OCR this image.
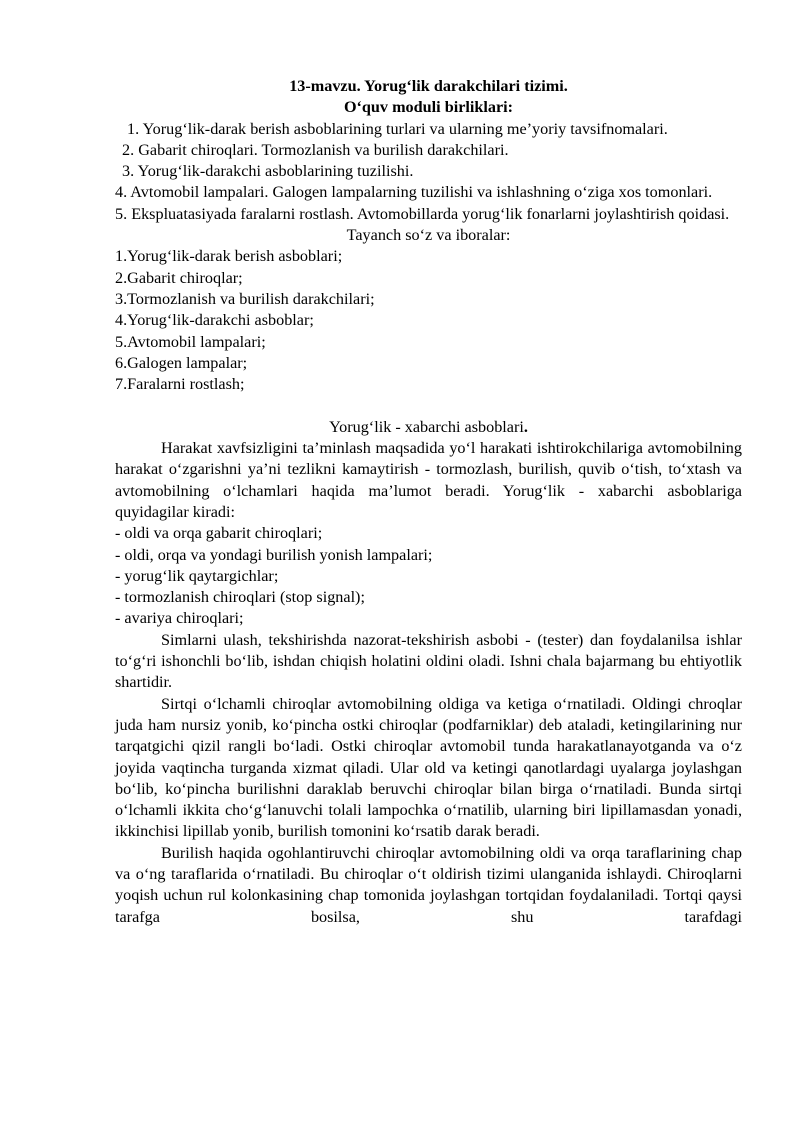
13-mavzu. Yorug‘lik darakchilari tizimi.
O‘quv moduli birliklari:
1. Yorug‘lik-darak berish asboblarining turlari va ularning me’yoriy tavsifnomalari.
2. Gabarit chiroqlari. Tormozlanish va burilish darakchilari.
3. Yorug‘lik-darakchi asboblarining tuzilishi.
4. Avtomobil lampalari. Galogen lampalarning tuzilishi va ishlashning o‘ziga xos tomonlari.
5. Ekspluatasiyada faralarni rostlash. Avtomobillarda yorug‘lik fonarlarni joylashtirish qoidasi.
Tayanch so‘z va iboralar:
1.Yorug‘lik-darak berish asboblari;
2.Gabarit chiroqlar;
3.Tormozlanish va burilish darakchilari;
4.Yorug‘lik-darakchi asboblar;
5.Avtomobil lampalari;
6.Galogen lampalar;
7.Faralarni rostlash;
Yorug‘lik - xabarchi asboblari.
Harakat xavfsizligini ta’minlash maqsadida yo‘l harakati ishtirokchilariga avtomobilning harakat o‘zgarishni ya’ni tezlikni kamaytirish - tormozlash, burilish, quvib o‘tish, to‘xtash va avtomobilning o‘lchamlari haqida ma’lumot beradi. Yorug‘lik - xabarchi asboblariga quyidagilar kiradi:
- oldi va orqa gabarit chiroqlari;
- oldi, orqa va yondagi burilish yonish lampalari;
- yorug‘lik qaytargichlar;
- tormozlanish chiroqlari (stop signal);
- avariya chiroqlari;
Simlarni ulash, tekshirishda nazorat-tekshirish asbobi - (tester) dan foydalanilsa ishlar to‘g‘ri ishonchli bo‘lib, ishdan chiqish holatini oldini oladi. Ishni chala bajarmang bu ehtiyotlik  shartidir.
Sirtqi o‘lchamli chiroqlar avtomobilning oldiga va ketiga o‘rnatiladi. Oldingi chroqlar juda ham nursiz yonib, ko‘pincha ostki chiroqlar (podfarniklar) deb ataladi, ketingilarining nur tarqatgichi qizil rangli bo‘ladi. Ostki chiroqlar avtomobil tunda harakatlanayotganda va o‘z joyida vaqtincha turganda xizmat qiladi. Ular old va ketingi qanotlardagi uyalarga joylashgan bo‘lib, ko‘pincha burilishni daraklab beruvchi chiroqlar bilan birga o‘rnatiladi. Bunda sirtqi o‘lchamli ikkita cho‘g‘lanuvchi tolali lampochka o‘rnatilib, ularning biri lipillamasdan yonadi, ikkinchisi lipillab yonib, burilish tomonini ko‘rsatib darak beradi.
Burilish haqida ogohlantiruvchi chiroqlar avtomobilning oldi va orqa taraflarining chap va o‘ng taraflarida o‘rnatiladi. Bu chiroqlar o‘t oldirish tizimi ulanganida ishlaydi. Chiroqlarni yoqish uchun rul kolonkasining chap tomonida joylashgan tortqidan foydalaniladi. Tortqi qaysi tarafga bosilsa, shu tarafdagi
